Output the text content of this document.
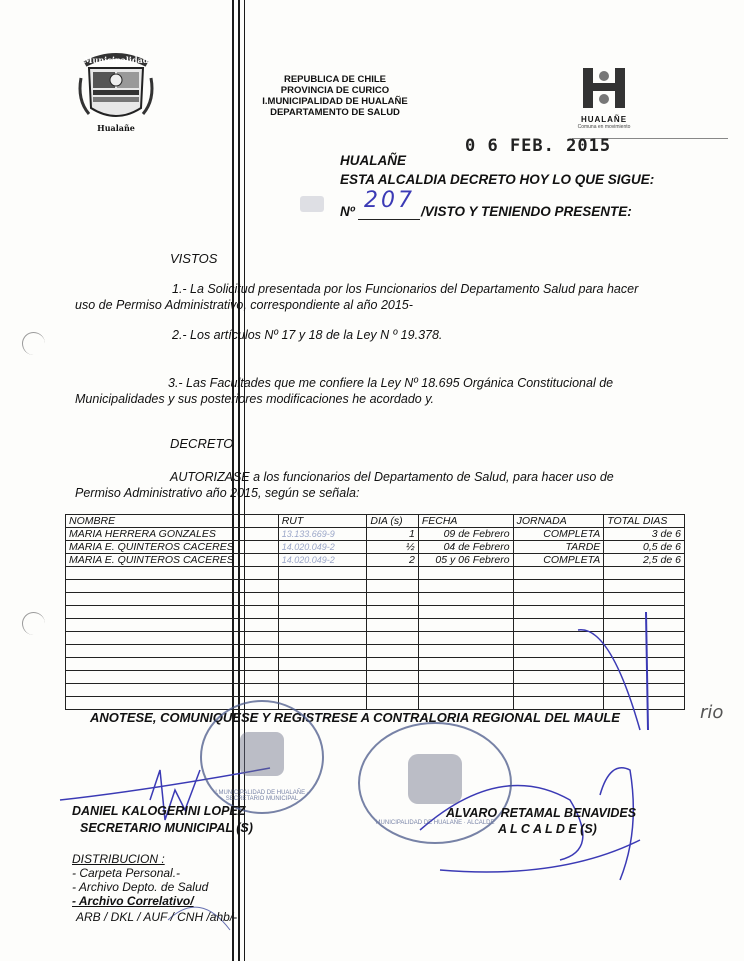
Municipalidad
Hualañe
REPUBLICA DE CHILE
PROVINCIA DE CURICO
I.MUNICIPALIDAD DE HUALAÑE
DEPARTAMENTO DE SALUD
HUALAÑE
Comuna en movimiento
0 6 FEB. 2015
HUALAÑE
ESTA ALCALDIA DECRETO HOY LO QUE SIGUE:
Nº 207 /VISTO Y TENIENDO PRESENTE:
VISTOS
1.- La Solicitud presentada por los Funcionarios del Departamento Salud para hacer
uso de Permiso Administrativo, correspondiente al año 2015-
2.- Los artículos Nº 17 y 18 de la Ley N º 19.378.
3.- Las Facultades que me confiere la Ley Nº 18.695 Orgánica Constitucional de
Municipalidades y sus posteriores modificaciones he acordado y.
DECRETO
AUTORIZASE a los funcionarios del Departamento de Salud, para hacer uso de
Permiso Administrativo año 2015, según se señala:
NOMBRE	RUT	DIA (s)	FECHA	JORNADA	TOTAL DIAS
MARIA HERRERA GONZALES	13.133.669-9	1	09 de Febrero	COMPLETA	3 de 6
MARIA E. QUINTEROS CACERES	14.020.049-2	½	04 de Febrero	TARDE	0,5 de 6
MARIA E. QUINTEROS CACERES	14.020.049-2	2	05 y 06 Febrero	COMPLETA	2,5 de 6

ANOTESE, COMUNIQUESE Y REGISTRESE A CONTRALORIA REGIONAL DEL MAULE
I.MUNICIPALIDAD DE HUALAÑE · SECRETARIO MUNICIPAL
MUNICIPALIDAD DE HUALAÑE · ALCALDE
DANIEL KALOGERINI LOPEZ
SECRETARIO MUNICIPAL (S)
ALVARO RETAMAL BENAVIDES
A L C A L D E (S)
DISTRIBUCION :
- Carpeta Personal.-
- Archivo Depto. de Salud
- Archivo Correlativo/
ARB / DKL / AUF / CNH /ahb/-
rio
